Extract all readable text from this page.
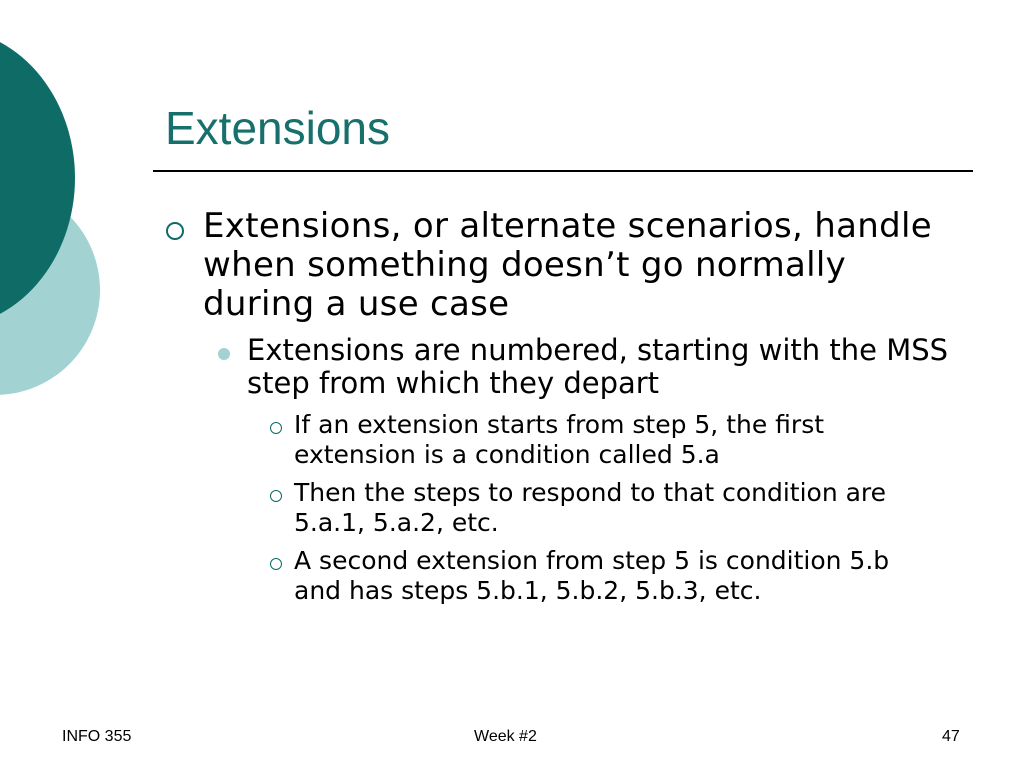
Extensions
Extensions, or alternate scenarios, handle when something doesn’t go normally during a use case
Extensions are numbered, starting with the MSS step from which they depart
If an extension starts from step 5, the first extension is a condition called 5.a
Then the steps to respond to that condition are 5.a.1, 5.a.2, etc.
A second extension from step 5 is condition 5.b and has steps 5.b.1, 5.b.2, 5.b.3, etc.
INFO 355	Week #2	47
